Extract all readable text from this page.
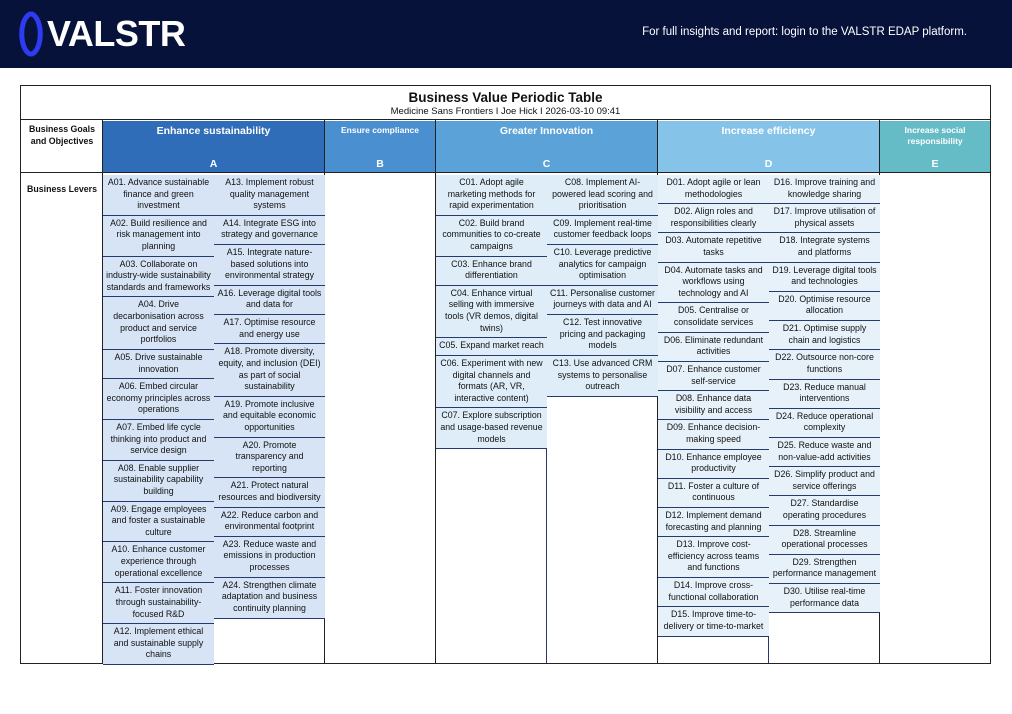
VALSTR	For full insights and report: login to the VALSTR EDAP platform.
Business Value Periodic Table
Medicine Sans Frontiers I Joe Hick I 2026-03-10 09:41
Business Goals and Objectives
Business Levers
Enhance sustainability
A
Ensure compliance
B
Greater Innovation
C
Increase efficiency
D
Increase social responsibility
E
A01. Advance sustainable finance and green investment
A02. Build resilience and risk management into planning
A03. Collaborate on industry-wide sustainability standards and frameworks
A04. Drive decarbonisation across product and service portfolios
A05. Drive sustainable innovation
A06. Embed circular economy principles across operations
A07. Embed life cycle thinking into product and service design
A08. Enable supplier sustainability capability building
A09. Engage employees and foster a sustainable culture
A10. Enhance customer experience through operational excellence
A11. Foster innovation through sustainability-focused R&D
A12. Implement ethical and sustainable supply chains
A13. Implement robust quality management systems
A14. Integrate ESG into strategy and governance
A15. Integrate nature-based solutions into environmental strategy
A16. Leverage digital tools and data for
A17. Optimise resource and energy use
A18. Promote diversity, equity, and inclusion (DEI) as part of social sustainability
A19. Promote inclusive and equitable economic opportunities
A20. Promote transparency and reporting
A21. Protect natural resources and biodiversity
A22. Reduce carbon and environmental footprint
A23. Reduce waste and emissions in production processes
A24. Strengthen climate adaptation and business continuity planning
C01. Adopt agile marketing methods for rapid experimentation
C02. Build brand communities to co-create campaigns
C03. Enhance brand differentiation
C04. Enhance virtual selling with immersive tools (VR demos, digital twins)
C05. Expand market reach
C06. Experiment with new digital channels and formats (AR, VR, interactive content)
C07. Explore subscription and usage-based revenue models
C08. Implement AI-powered lead scoring and prioritisation
C09. Implement real-time customer feedback loops
C10. Leverage predictive analytics for campaign optimisation
C11. Personalise customer journeys with data and AI
C12. Test innovative pricing and packaging models
C13. Use advanced CRM systems to personalise outreach
D01. Adopt agile or lean methodologies
D02. Align roles and responsibilities clearly
D03. Automate repetitive tasks
D04. Automate tasks and workflows using technology and AI
D05. Centralise or consolidate services
D06. Eliminate redundant activities
D07. Enhance customer self-service
D08. Enhance data visibility and access
D09. Enhance decision-making speed
D10. Enhance employee productivity
D11. Foster a culture of continuous
D12. Implement demand forecasting and planning
D13. Improve cost-efficiency across teams and functions
D14. Improve cross-functional collaboration
D15. Improve time-to-delivery or time-to-market
D16. Improve training and knowledge sharing
D17. Improve utilisation of physical assets
D18. Integrate systems and platforms
D19. Leverage digital tools and technologies
D20. Optimise resource allocation
D21. Optimise supply chain and logistics
D22. Outsource non-core functions
D23. Reduce manual interventions
D24. Reduce operational complexity
D25. Reduce waste and non-value-add activities
D26. Simplify product and service offerings
D27. Standardise operating procedures
D28. Streamline operational processes
D29. Strengthen performance management
D30. Utilise real-time performance data
